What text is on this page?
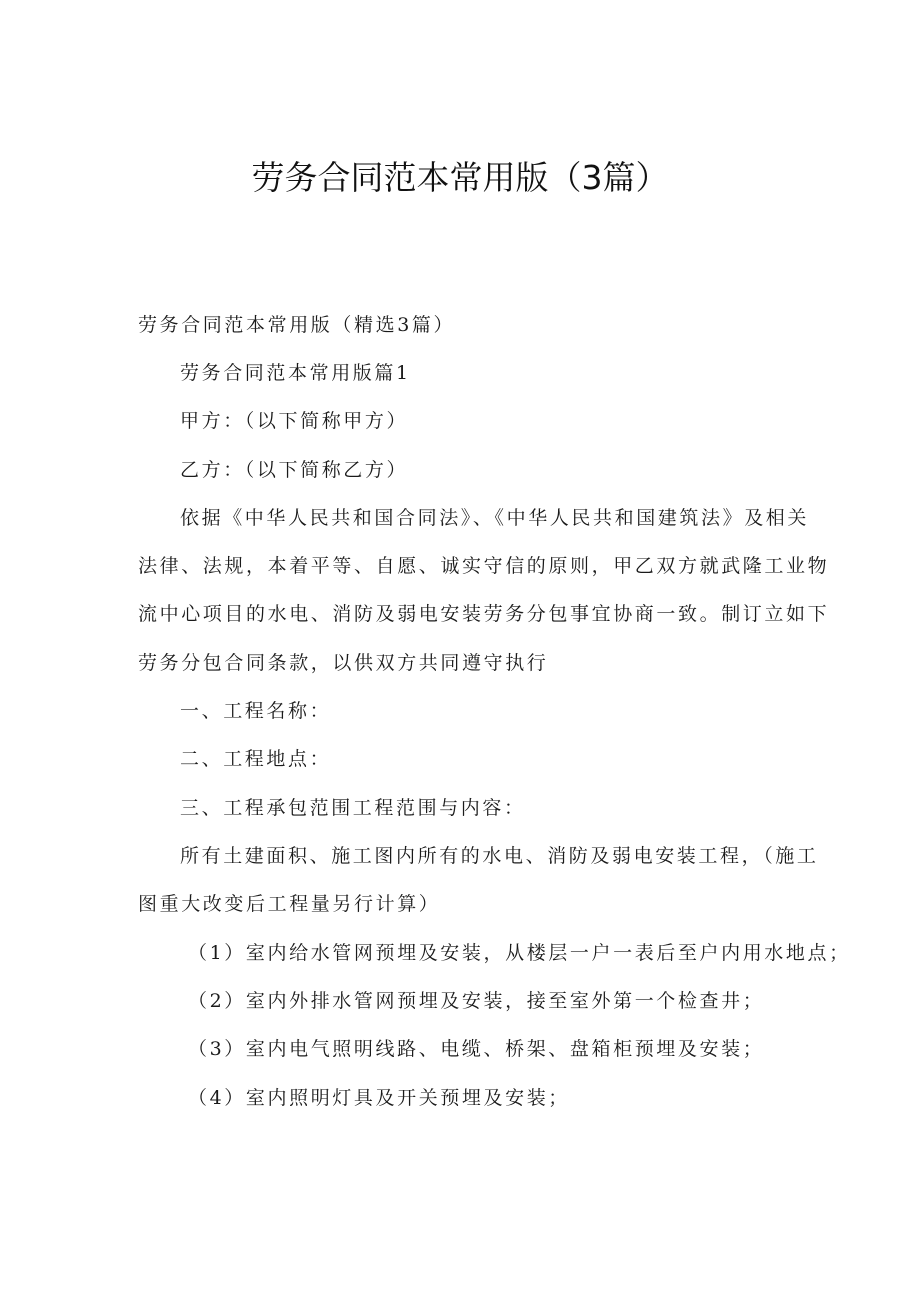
劳务合同范本常用版（3篇）
劳务合同范本常用版（精选3篇）
劳务合同范本常用版篇1
甲方：（以下简称甲方）
乙方：（以下简称乙方）
依据《中华人民共和国合同法》、《中华人民共和国建筑法》及相关
法律、法规，本着平等、自愿、诚实守信的原则，甲乙双方就武隆工业物
流中心项目的水电、消防及弱电安装劳务分包事宜协商一致。制订立如下
劳务分包合同条款，以供双方共同遵守执行
一、工程名称：
二、工程地点：
三、工程承包范围工程范围与内容：
所有土建面积、施工图内所有的水电、消防及弱电安装工程，（施工
图重大改变后工程量另行计算）
（1）室内给水管网预埋及安装，从楼层一户一表后至户内用水地点；
（2）室内外排水管网预埋及安装，接至室外第一个检查井；
（3）室内电气照明线路、电缆、桥架、盘箱柜预埋及安装；
（4）室内照明灯具及开关预埋及安装；
